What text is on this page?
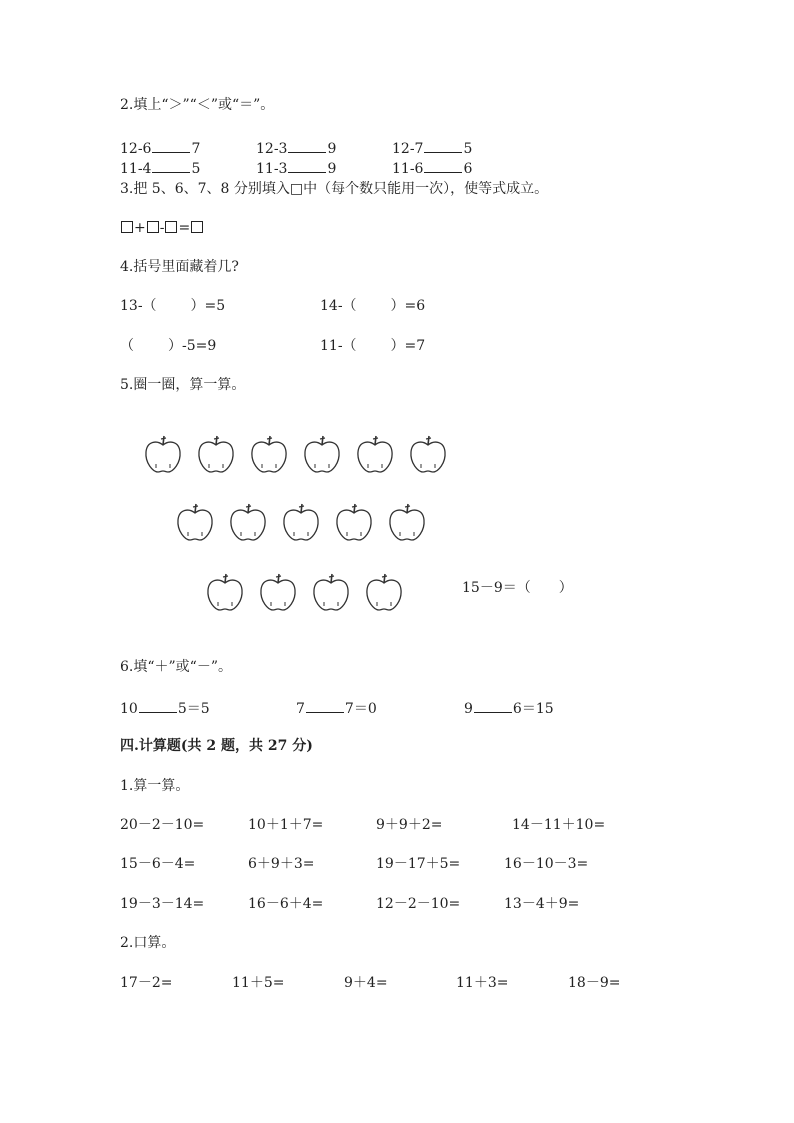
2.填上“＞”“＜”或“＝”。
12-6	7	12-3	9	12-7	5
11-4	5	11-3	9	11-6	6
3.把 5、6、7、8 分别填入□中（每个数只能用一次），使等式成立。
+ - =
4.括号里面藏着几?
13-（ ）=5	14-（ ）=6
（ ）-5=9	11-（ ）=7
5.圈一圈，算一算。
15－9＝（　　）
6.填“＋”或“－”。
10	5＝5	7	7＝0	9	6＝15
四.计算题(共 2 题，共 27 分)
1.算一算。
20－2－10=	10＋1＋7=	9＋9＋2=	14－11＋10=
15－6－4=	6＋9＋3=	19－17＋5=	16－10－3=
19－3－14=	16－6＋4=	12－2－10=	13－4＋9=
2.口算。
17－2=	11＋5=	9＋4=	11＋3=	18－9=
